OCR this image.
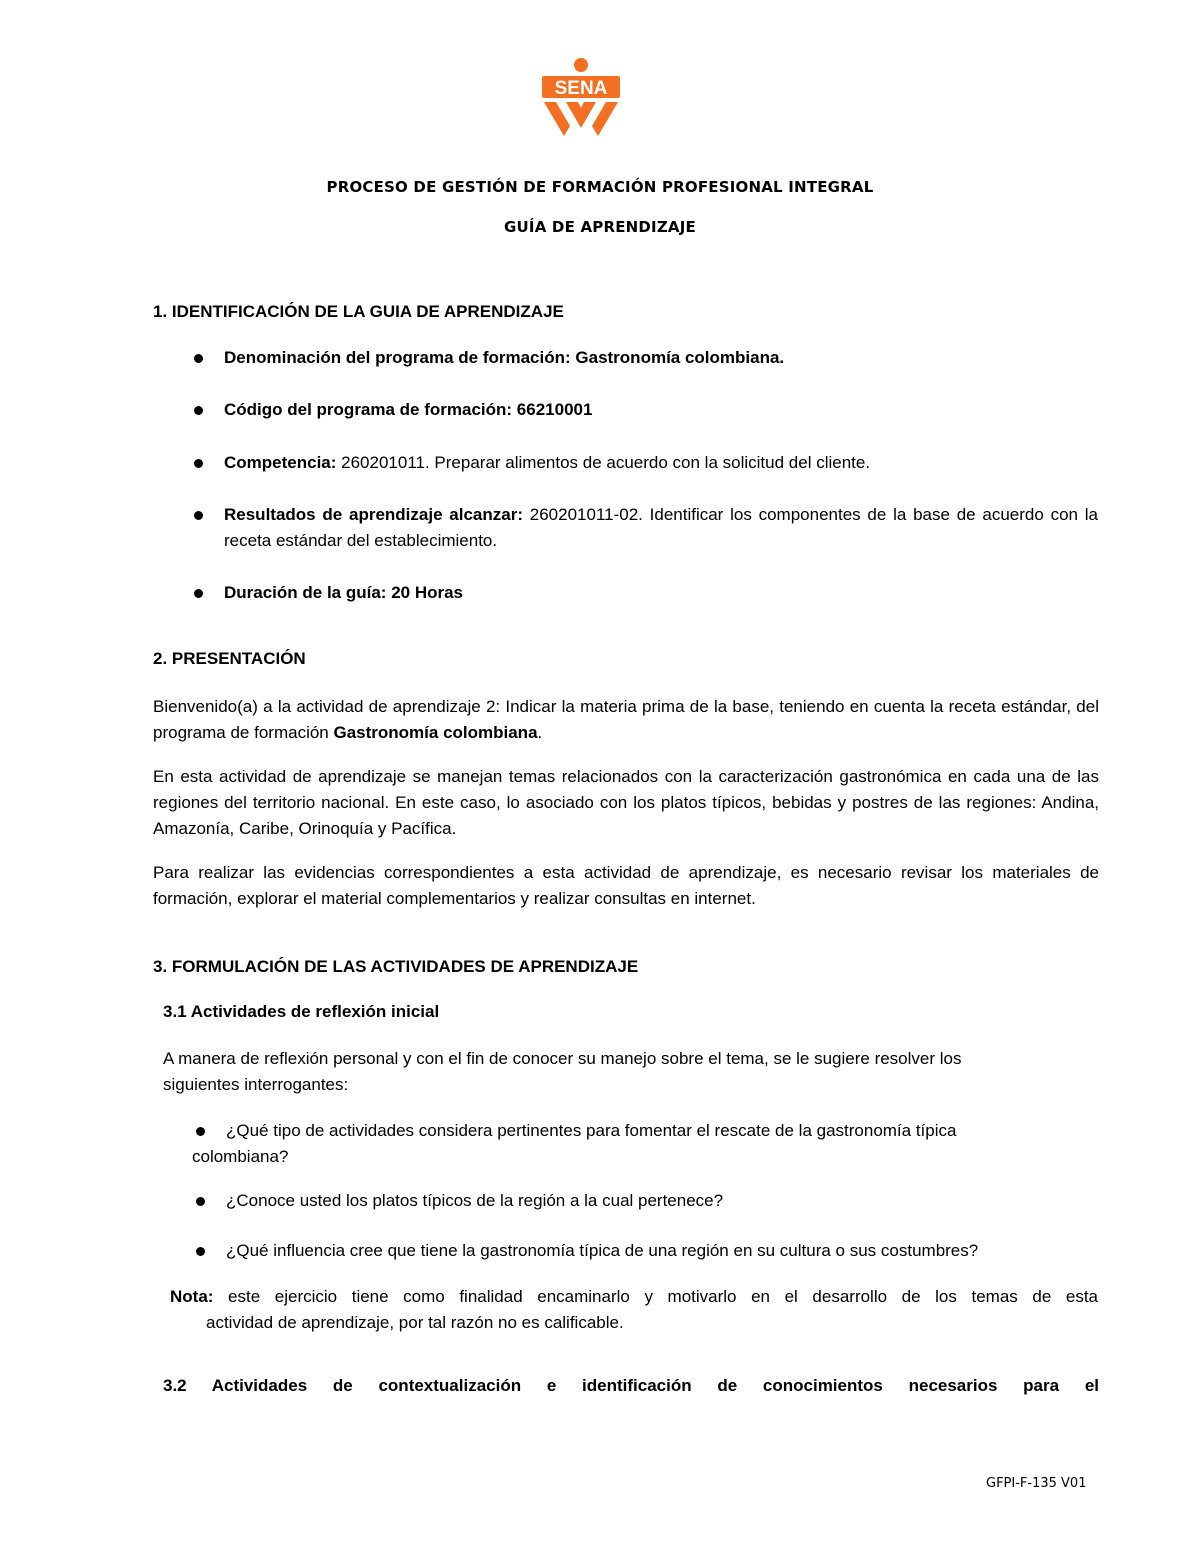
SENA
PROCESO DE GESTIÓN DE FORMACIÓN PROFESIONAL INTEGRAL
GUÍA DE APRENDIZAJE
1. IDENTIFICACIÓN DE LA GUIA DE APRENDIZAJE
Denominación del programa de formación: Gastronomía colombiana.
Código del programa de formación: 66210001
Competencia: 260201011. Preparar alimentos de acuerdo con la solicitud del cliente.
Resultados de aprendizaje alcanzar: 260201011-02. Identificar los componentes de la base de acuerdo con la receta estándar del establecimiento.
Duración de la guía: 20 Horas
2. PRESENTACIÓN
Bienvenido(a) a la actividad de aprendizaje 2: Indicar la materia prima de la base, teniendo en cuenta la receta estándar, del programa de formación Gastronomía colombiana.
En esta actividad de aprendizaje se manejan temas relacionados con la caracterización gastronómica en cada una de las regiones del territorio nacional. En este caso, lo asociado con los platos típicos, bebidas y postres de las regiones: Andina, Amazonía, Caribe, Orinoquía y Pacífica.
Para realizar las evidencias correspondientes a esta actividad de aprendizaje, es necesario revisar los materiales de formación, explorar el material complementarios y realizar consultas en internet.
3. FORMULACIÓN DE LAS ACTIVIDADES DE APRENDIZAJE
3.1 Actividades de reflexión inicial
A manera de reflexión personal y con el fin de conocer su manejo sobre el tema, se le sugiere resolver los
siguientes interrogantes:
¿Qué tipo de actividades considera pertinentes para fomentar el rescate de la gastronomía típica
colombiana?
¿Conoce usted los platos típicos de la región a la cual pertenece?
¿Qué influencia cree que tiene la gastronomía típica de una región en su cultura o sus costumbres?
Nota: este ejercicio tiene como finalidad encaminarlo y motivarlo en el desarrollo de los temas de esta
actividad de aprendizaje, por tal razón no es calificable.
3.2 Actividades de contextualización e identificación de conocimientos necesarios para el
GFPI-F-135 V01
